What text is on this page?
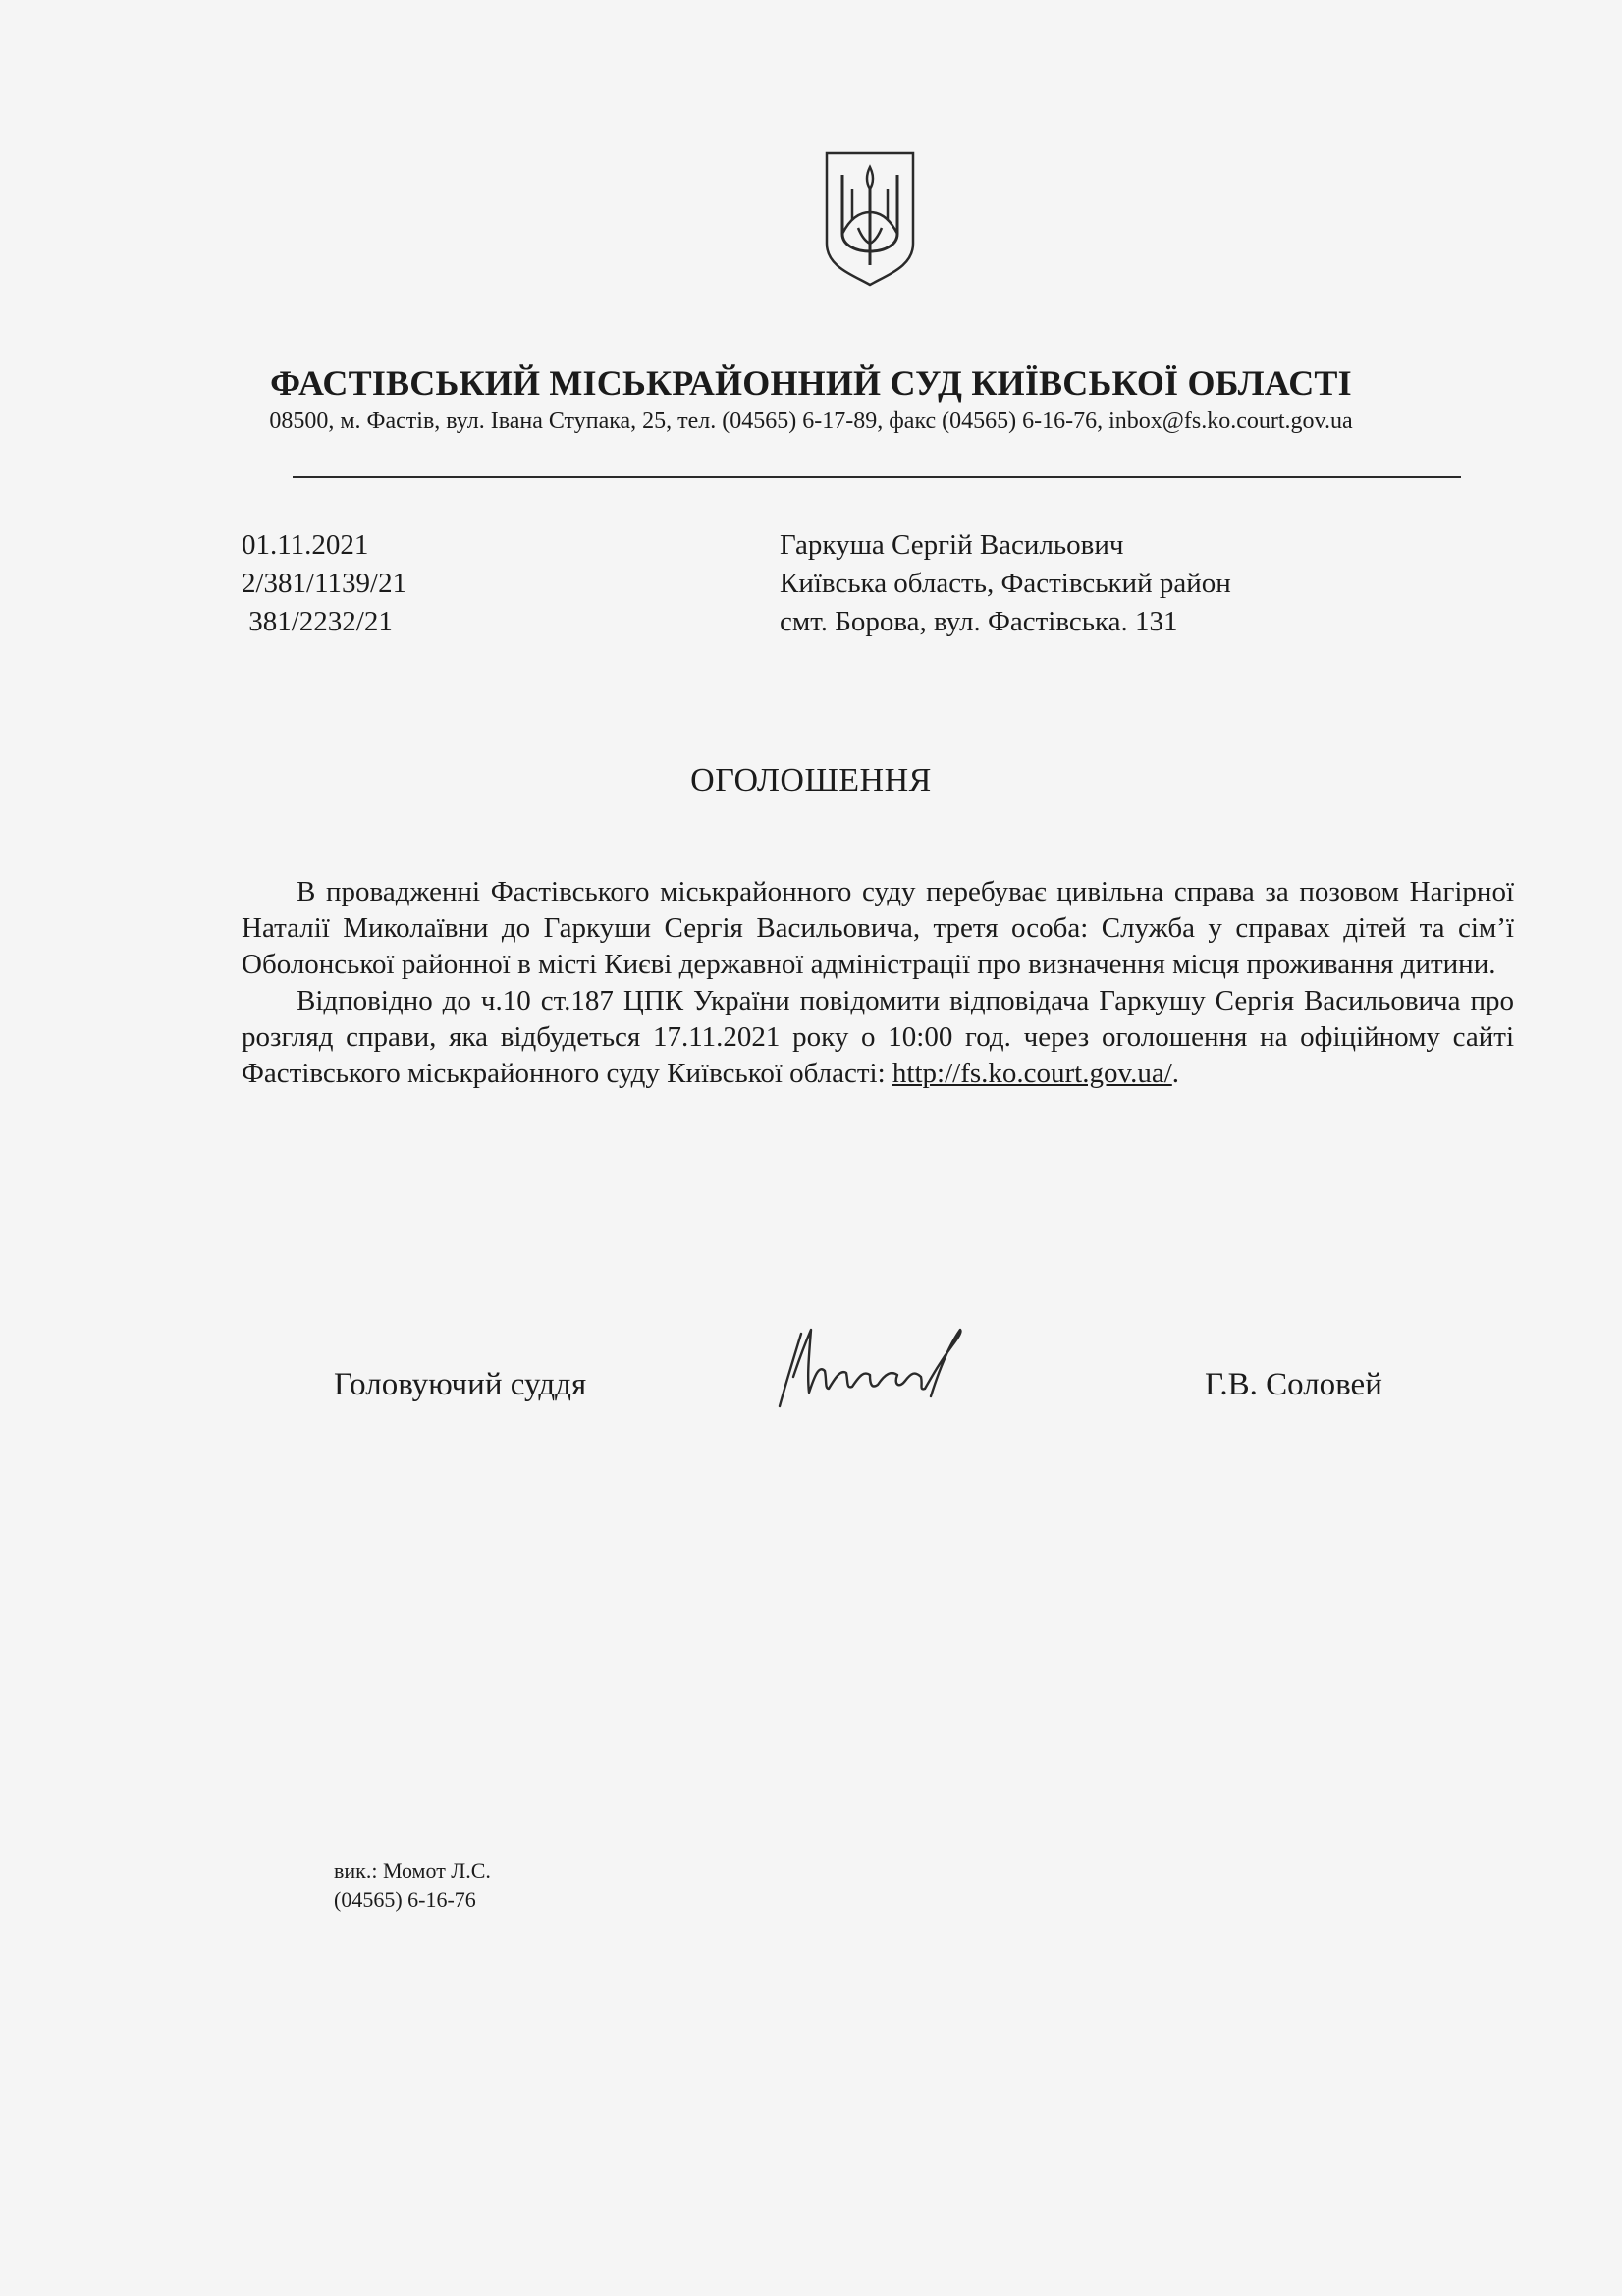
ФАСТІВСЬКИЙ МІСЬКРАЙОННИЙ СУД КИЇВСЬКОЇ ОБЛАСТІ
08500, м. Фастів, вул. Івана Ступака, 25, тел. (04565) 6-17-89, факс (04565) 6-16-76, inbox@fs.ko.court.gov.ua
01.11.2021
2/381/1139/21
381/2232/21
Гаркуша Сергій Васильович
Київська область, Фастівський район
смт. Борова, вул. Фастівська. 131
ОГОЛОШЕННЯ

В провадженні Фастівського міськрайонного суду перебуває цивільна справа за позовом Нагірної Наталії Миколаївни до Гаркуши Сергія Васильовича, третя особа: Служба у справах дітей та сім’ї Оболонської районної в місті Києві державної адміністрації про визначення місця проживання дитини.

Відповідно до ч.10 ст.187 ЦПК України повідомити відповідача Гаркушу Сергія Васильовича про розгляд справи, яка відбудеться 17.11.2021 року о 10:00 год. через оголошення на офіційному сайті Фастівського міськрайонного суду Київської області: http://fs.ko.court.gov.ua/.

Головуючий суддя	Г.В. Соловей
вик.: Момот Л.С.
(04565) 6-16-76
